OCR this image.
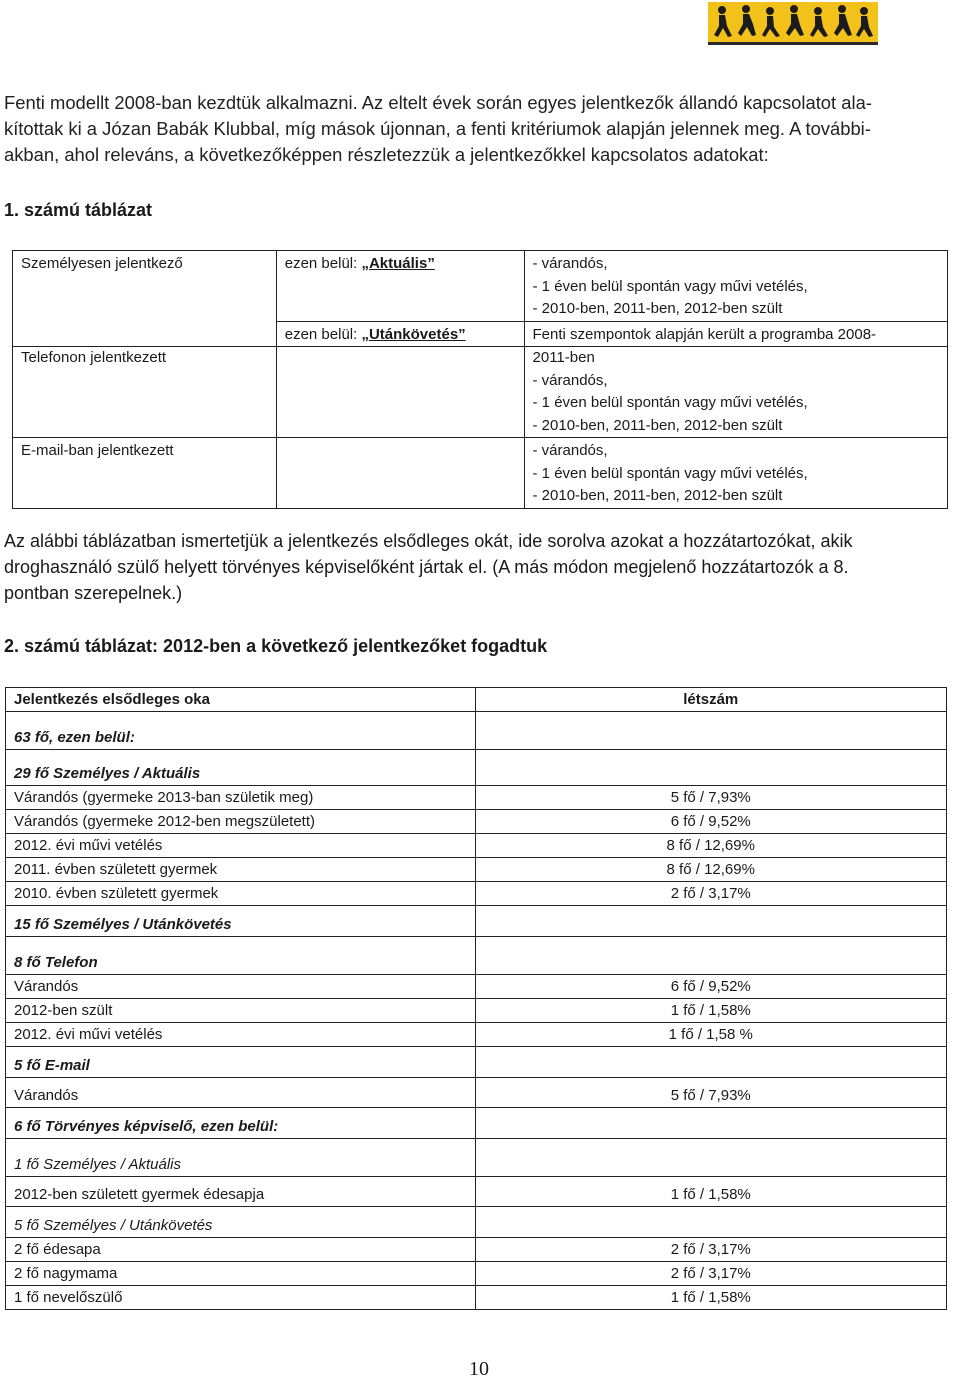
Fenti modellt 2008-ban kezdtük alkalmazni. Az eltelt évek során egyes jelentkezők állandó kapcsolatot ala-
kítottak ki a Józan Babák Klubbal, míg mások újonnan, a fenti kritériumok alapján jelennek meg. A további-
akban, ahol releváns, a következőképpen részletezzük a jelentkezőkkel kapcsolatos adatokat:
1. számú táblázat
Személyesen jelentkező	ezen belül: „Aktuális”	- várandós,
- 1 éven belül spontán vagy művi vetélés,
- 2010-ben, 2011-ben, 2012-ben szült

	ezen belül: „Utánkövetés”	Fenti szempontok alapján került a programba 2008-

Telefonon jelentkezett		2011-ben
- várandós,
- 1 éven belül spontán vagy művi vetélés,
- 2010-ben, 2011-ben, 2012-ben szült

E-mail-ban jelentkezett		- várandós,
- 1 éven belül spontán vagy művi vetélés,
- 2010-ben, 2011-ben, 2012-ben szült
Az alábbi táblázatban ismertetjük a jelentkezés elsődleges okát, ide sorolva azokat a hozzátartozókat, akik
droghasználó szülő helyett törvényes képviselőként jártak el. (A más módon megjelenő hozzátartozók a 8.
pontban szerepelnek.)
2. számú táblázat: 2012-ben a következő jelentkezőket fogadtuk
Jelentkezés elsődleges oka	létszám
63 fő, ezen belül:	
29 fő Személyes / Aktuális	
Várandós (gyermeke 2013-ban születik meg)	5 fő / 7,93%
Várandós (gyermeke 2012-ben megszületett)	6 fő / 9,52%
2012. évi művi vetélés	8 fő / 12,69%
2011. évben született gyermek	8 fő / 12,69%
2010. évben született gyermek	2 fő / 3,17%
15 fő Személyes / Utánkövetés	
8 fő Telefon	
Várandós	6 fő / 9,52%
2012-ben szült	1 fő / 1,58%
2012. évi művi vetélés	1 fő / 1,58 %
5 fő E-mail	
Várandós	5 fő / 7,93%
6 fő Törvényes képviselő, ezen belül:	
1 fő Személyes / Aktuális	
2012-ben született gyermek édesapja	1 fő / 1,58%
5 fő Személyes / Utánkövetés	
2 fő édesapa	2 fő / 3,17%
2 fő nagymama	2 fő / 3,17%
1 fő nevelőszülő	1 fő / 1,58%
10
